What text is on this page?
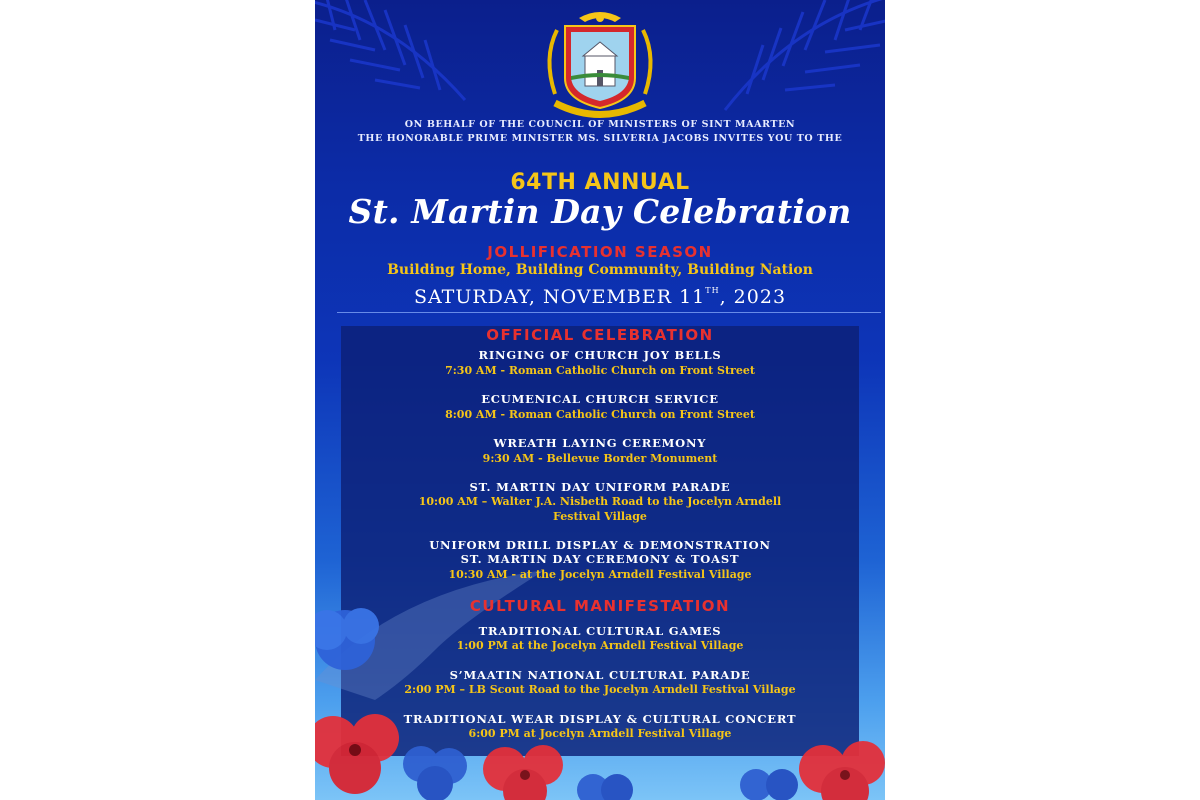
ON BEHALF OF THE COUNCIL OF MINISTERS OF SINT MAARTEN
THE HONORABLE PRIME MINISTER MS. SILVERIA JACOBS INVITES YOU TO THE
64TH ANNUAL
St. Martin Day Celebration
JOLLIFICATION SEASON
Building Home, Building Community, Building Nation
SATURDAY, NOVEMBER 11TH, 2023
OFFICIAL CELEBRATION
RINGING OF CHURCH JOY BELLS
7:30 AM - Roman Catholic Church on Front Street
ECUMENICAL CHURCH SERVICE
8:00 AM - Roman Catholic Church on Front Street
WREATH LAYING CEREMONY
9:30 AM - Bellevue Border Monument
ST. MARTIN DAY UNIFORM PARADE
10:00 AM – Walter J.A. Nisbeth Road to the Jocelyn Arndell
Festival Village
UNIFORM DRILL DISPLAY & DEMONSTRATION
ST. MARTIN DAY CEREMONY & TOAST
10:30 AM - at the Jocelyn Arndell Festival Village
CULTURAL MANIFESTATION
TRADITIONAL CULTURAL GAMES
1:00 PM at the Jocelyn Arndell Festival Village
S’MAATIN NATIONAL CULTURAL PARADE
2:00 PM – LB Scout Road to the Jocelyn Arndell Festival Village
TRADITIONAL WEAR DISPLAY & CULTURAL CONCERT
6:00 PM at Jocelyn Arndell Festival Village
